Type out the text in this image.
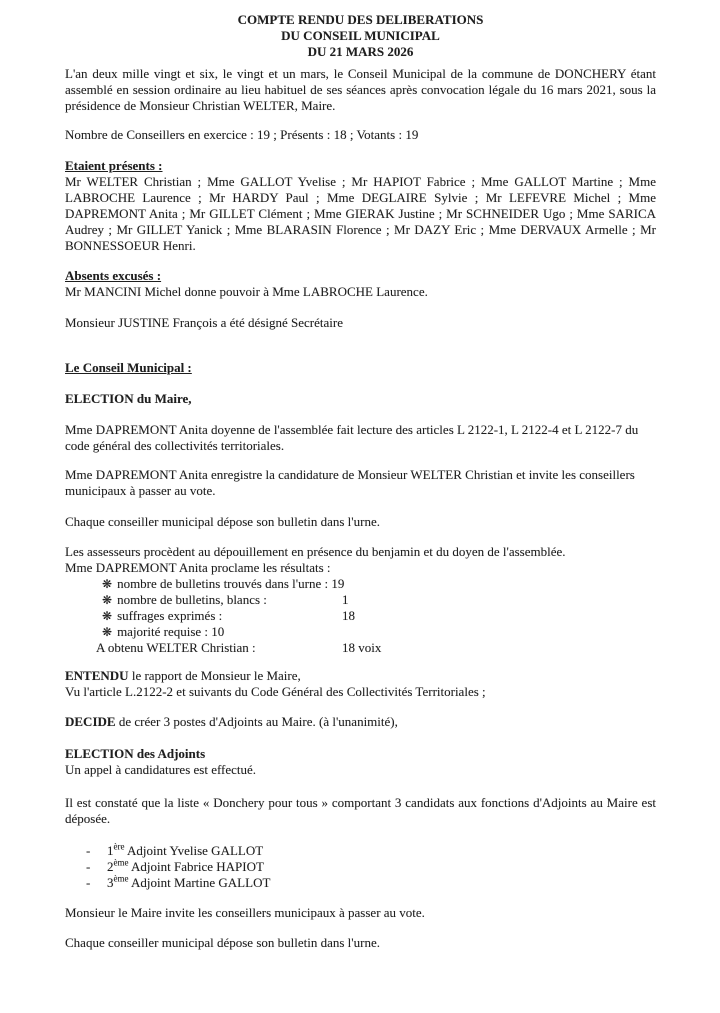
COMPTE RENDU DES DELIBERATIONS
DU CONSEIL MUNICIPAL
DU 21 MARS 2026

L'an deux mille vingt et six, le vingt et un mars, le Conseil Municipal de la commune de DONCHERY étant assemblé en session ordinaire au lieu habituel de ses séances après convocation légale du 16 mars 2021, sous la présidence de Monsieur Christian WELTER, Maire.

Nombre de Conseillers en exercice : 19 ; Présents : 18 ; Votants : 19

Etaient présents :

Mr WELTER Christian ; Mme GALLOT Yvelise ; Mr HAPIOT Fabrice ; Mme GALLOT Martine ; Mme LABROCHE Laurence ; Mr HARDY Paul ; Mme DEGLAIRE Sylvie ; Mr LEFEVRE Michel ; Mme DAPREMONT Anita ; Mr GILLET Clément ; Mme GIERAK Justine ; Mr SCHNEIDER Ugo ; Mme SARICA Audrey ; Mr GILLET Yanick ; Mme BLARASIN Florence ; Mr DAZY Eric ; Mme DERVAUX Armelle ; Mr BONNESSOEUR Henri.

Absents excusés :

Mr MANCINI Michel donne pouvoir à Mme LABROCHE Laurence.

Monsieur JUSTINE François a été désigné Secrétaire

Le Conseil Municipal :

ELECTION du Maire,

Mme DAPREMONT Anita doyenne de l'assemblée fait lecture des articles L 2122-1, L 2122-4 et L 2122-7 du code général des collectivités territoriales.

Mme DAPREMONT Anita enregistre la candidature de Monsieur WELTER Christian et invite les conseillers municipaux à passer au vote.

Chaque conseiller municipal dépose son bulletin dans l'urne.

Les assesseurs procèdent au dépouillement en présence du benjamin et du doyen de l'assemblée.

Mme DAPREMONT Anita proclame les résultats :

❋ nombre de bulletins trouvés dans l'urne : 19
❋ nombre de bulletins, blancs :	1
❋ suffrages exprimés :	18
❋ majorité requise : 10
A obtenu WELTER Christian :	18 voix

ENTENDU le rapport de Monsieur le Maire,

Vu l'article L.2122-2 et suivants du Code Général des Collectivités Territoriales ;

DECIDE de créer 3 postes d'Adjoints au Maire. (à l'unanimité),

ELECTION des Adjoints

Un appel à candidatures est effectué.

Il est constaté que la liste « Donchery pour tous » comportant 3 candidats aux fonctions d'Adjoints au Maire est déposée.

- 1ère Adjoint Yvelise GALLOT
- 2ème Adjoint Fabrice HAPIOT
- 3ème Adjoint Martine GALLOT

Monsieur le Maire invite les conseillers municipaux à passer au vote.

Chaque conseiller municipal dépose son bulletin dans l'urne.
